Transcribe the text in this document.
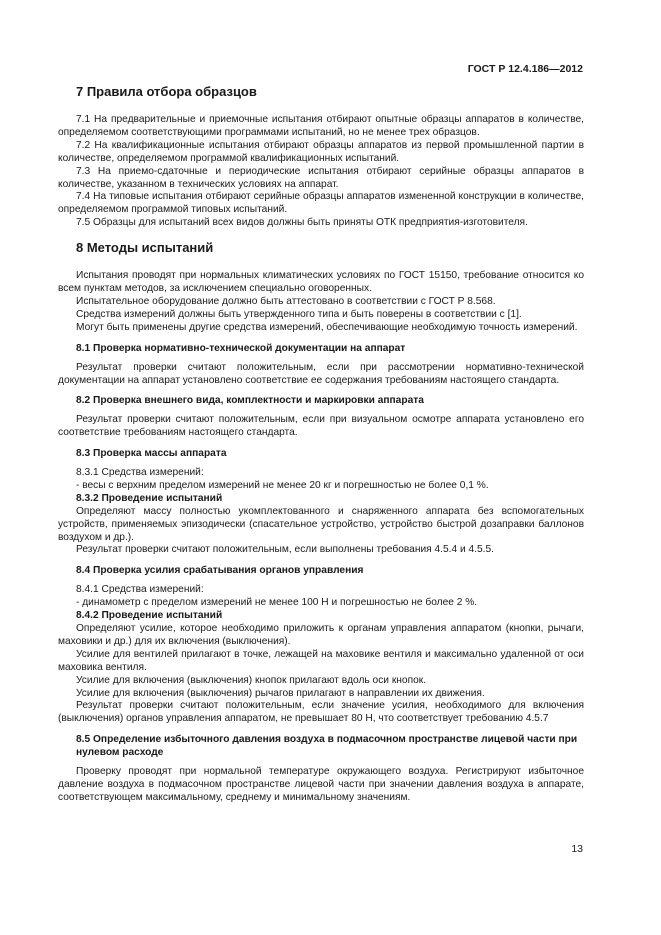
ГОСТ Р 12.4.186—2012
7 Правила отбора образцов

7.1 На предварительные и приемочные испытания отбирают опытные образцы аппаратов в количестве, определяемом соответствующими программами испытаний, но не менее трех образцов.

7.2 На квалификационные испытания отбирают образцы аппаратов из первой промышленной партии в количестве, определяемом программой квалификационных испытаний.

7.3 На приемо-сдаточные и периодические испытания отбирают серийные образцы аппаратов в количестве, указанном в технических условиях на аппарат.

7.4 На типовые испытания отбирают серийные образцы аппаратов измененной конструкции в количестве, определяемом программой типовых испытаний.

7.5 Образцы для испытаний всех видов должны быть приняты ОТК предприятия-изготовителя.

8 Методы испытаний

Испытания проводят при нормальных климатических условиях по ГОСТ 15150, требование относится ко всем пунктам методов, за исключением специально оговоренных.

Испытательное оборудование должно быть аттестовано в соответствии с ГОСТ Р 8.568.

Средства измерений должны быть утвержденного типа и быть поверены в соответствии с [1].

Могут быть применены другие средства измерений, обеспечивающие необходимую точность измерений.

8.1 Проверка нормативно-технической документации на аппарат

Результат проверки считают положительным, если при рассмотрении нормативно-технической документации на аппарат установлено соответствие ее содержания требованиям настоящего стандарта.

8.2 Проверка внешнего вида, комплектности и маркировки аппарата

Результат проверки считают положительным, если при визуальном осмотре аппарата установлено его соответствие требованиям настоящего стандарта.

8.3 Проверка массы аппарата

8.3.1 Средства измерений:

- весы с верхним пределом измерений не менее 20 кг и погрешностью не более 0,1 %.

8.3.2 Проведение испытаний

Определяют массу полностью укомплектованного и снаряженного аппарата без вспомогательных устройств, применяемых эпизодически (спасательное устройство, устройство быстрой дозаправки баллонов воздухом и др.).

Результат проверки считают положительным, если выполнены требования 4.5.4 и 4.5.5.

8.4 Проверка усилия срабатывания органов управления

8.4.1 Средства измерений:

- динамометр с пределом измерений не менее 100 Н и погрешностью не более 2 %.

8.4.2 Проведение испытаний

Определяют усилие, которое необходимо приложить к органам управления аппаратом (кнопки, рычаги, маховики и др.) для их включения (выключения).

Усилие для вентилей прилагают в точке, лежащей на маховике вентиля и максимально удаленной от оси маховика вентиля.

Усилие для включения (выключения) кнопок прилагают вдоль оси кнопок.

Усилие для включения (выключения) рычагов прилагают в направлении их движения.

Результат проверки считают положительным, если значение усилия, необходимого для включения (выключения) органов управления аппаратом, не превышает 80 Н, что соответствует требованию 4.5.7

8.5 Определение избыточного давления воздуха в подмасочном пространстве лицевой части при нулевом расходе

Проверку проводят при нормальной температуре окружающего воздуха. Регистрируют избыточное давление воздуха в подмасочном пространстве лицевой части при значении давления воздуха в аппарате, соответствующем максимальному, среднему и минимальному значениям.

13
